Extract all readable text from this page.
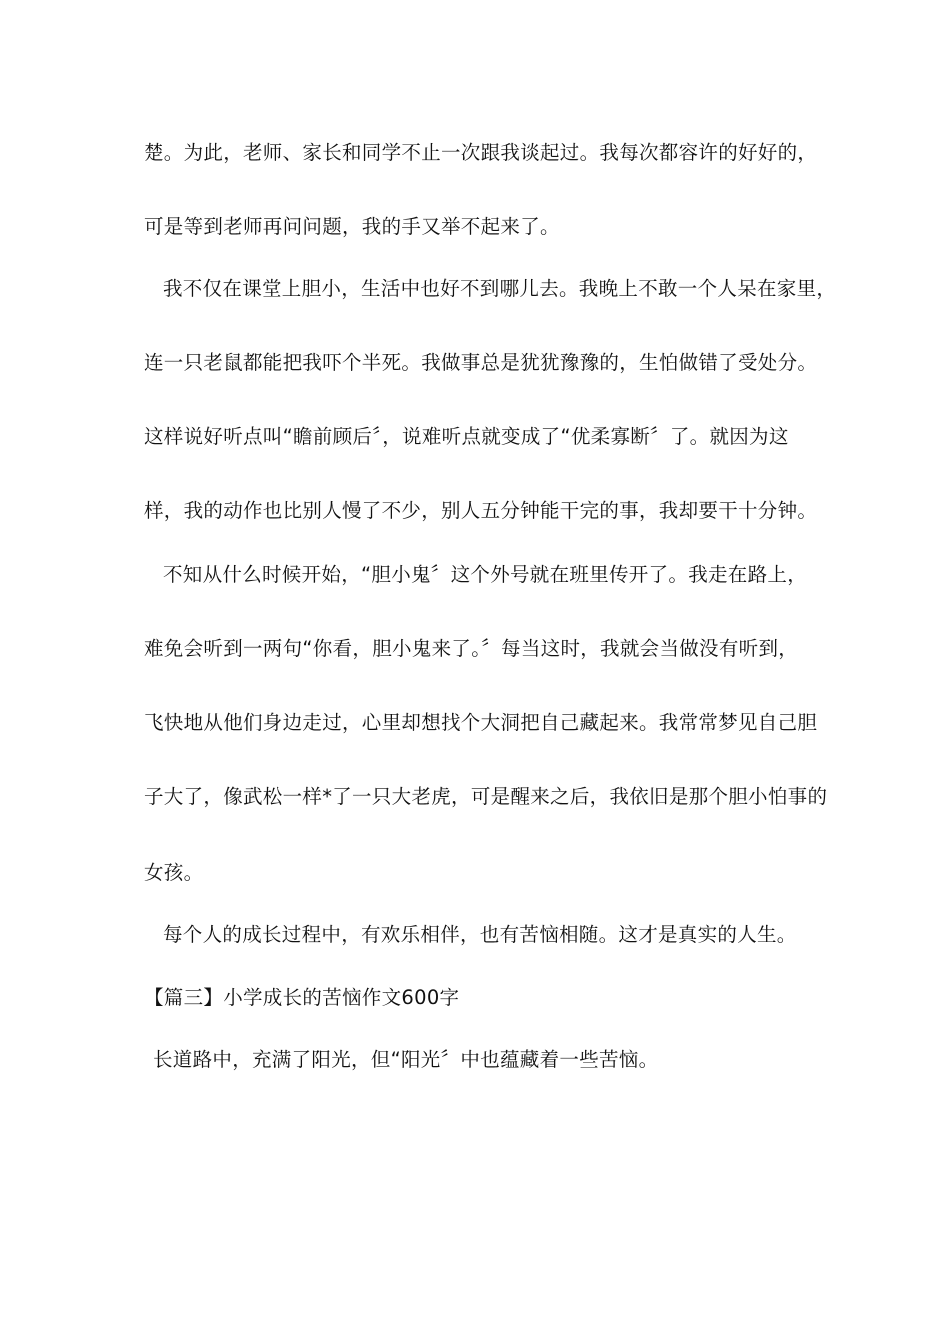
楚。为此，老师、家长和同学不止一次跟我谈起过。我每次都容许的好好的，
可是等到老师再问问题，我的手又举不起来了。
我不仅在课堂上胆小，生活中也好不到哪儿去。我晚上不敢一个人呆在家里，
连一只老鼠都能把我吓个半死。我做事总是犹犹豫豫的，生怕做错了受处分。
这样说好听点叫“瞻前顾后〞，说难听点就变成了“优柔寡断〞了。就因为这
样，我的动作也比别人慢了不少，别人五分钟能干完的事，我却要干十分钟。
不知从什么时候开始，“胆小鬼〞这个外号就在班里传开了。我走在路上，
难免会听到一两句“你看，胆小鬼来了。〞每当这时，我就会当做没有听到，
飞快地从他们身边走过，心里却想找个大洞把自己藏起来。我常常梦见自己胆
子大了，像武松一样*了一只大老虎，可是醒来之后，我依旧是那个胆小怕事的
女孩。
每个人的成长过程中，有欢乐相伴，也有苦恼相随。这才是真实的人生。
【篇三】小学成长的苦恼作文600字
长道路中，充满了阳光，但“阳光〞中也蕴藏着一些苦恼。
